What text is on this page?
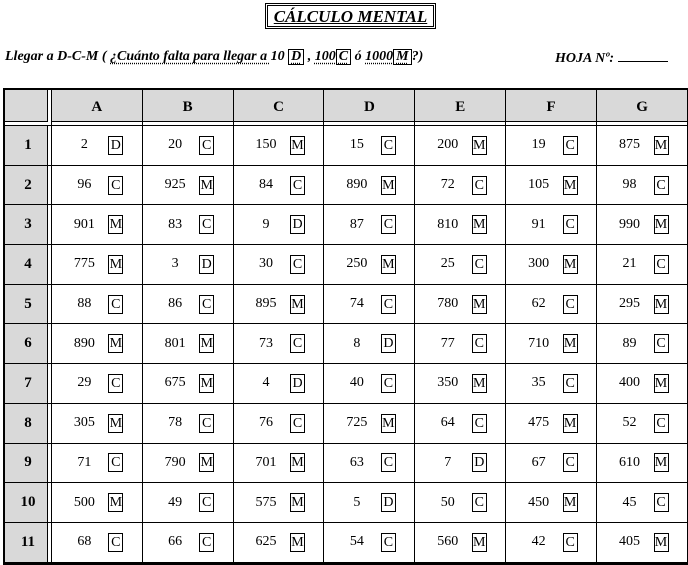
CÁLCULO MENTAL
Llegar a D-C-M ( ¿Cuánto falta para llegar a 10 D , 100 C ó 1000 M ?)	HOJA Nº:
	A	B	C	D	E	F	G
1	2 D	20 C	150 M	15 C	200 M	19 C	875 M

2	96 C	925 M	84 C	890 M	72 C	105 M	98 C

3	901 M	83 C	9 D	87 C	810 M	91 C	990 M

4	775 M	3 D	30 C	250 M	25 C	300 M	21 C

5	88 C	86 C	895 M	74 C	780 M	62 C	295 M

6	890 M	801 M	73 C	8 D	77 C	710 M	89 C

7	29 C	675 M	4 D	40 C	350 M	35 C	400 M

8	305 M	78 C	76 C	725 M	64 C	475 M	52 C

9	71 C	790 M	701 M	63 C	7 D	67 C	610 M

10	500 M	49 C	575 M	5 D	50 C	450 M	45 C

11	68 C	66 C	625 M	54 C	560 M	42 C	405 M
